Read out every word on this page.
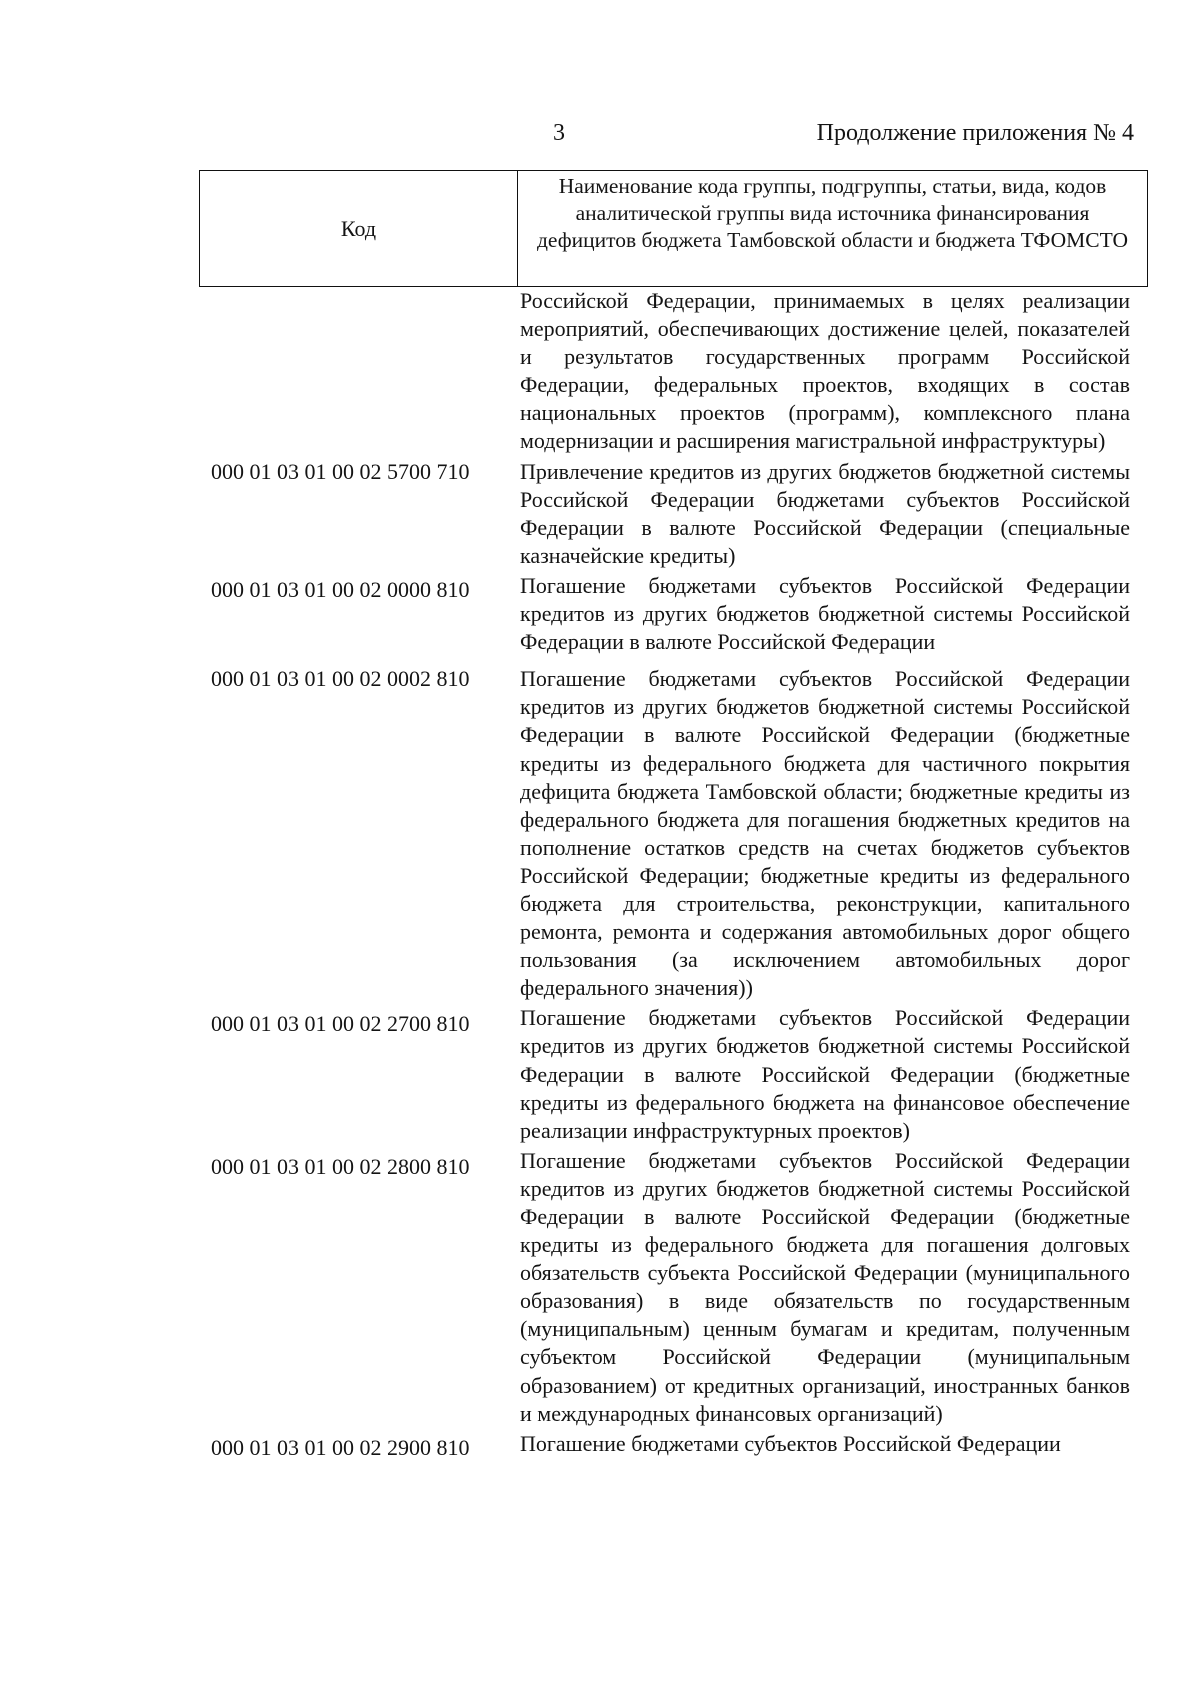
3	Продолжение приложения № 4
Код
Наименование кода группы, подгруппы, статьи, вида, кодов аналитической группы вида источника финансирования дефицитов бюджета Тамбовской области и бюджета ТФОМСТО
Российской Федерации, принимаемых в целях реализации мероприятий, обеспечивающих достижение целей, показателей и результатов государственных программ Российской Федерации, федеральных проектов, входящих в состав национальных проектов (программ), комплексного плана модернизации и расширения магистральной инфраструктуры)
000 01 03 01 00 02 5700 710	Привлечение кредитов из других бюджетов бюджетной системы Российской Федерации бюджетами субъектов Российской Федерации в валюте Российской Федерации (специальные казначейские кредиты)
000 01 03 01 00 02 0000 810	Погашение бюджетами субъектов Российской Федерации кредитов из других бюджетов бюджетной системы Российской Федерации в валюте Российской Федерации
000 01 03 01 00 02 0002 810	Погашение бюджетами субъектов Российской Федерации кредитов из других бюджетов бюджетной системы Российской Федерации в валюте Российской Федерации (бюджетные кредиты из федерального бюджета для частичного покрытия дефицита бюджета Тамбовской области; бюджетные кредиты из федерального бюджета для погашения бюджетных кредитов на пополнение остатков средств на счетах бюджетов субъектов Российской Федерации; бюджетные кредиты из федерального бюджета для строительства, реконструкции, капитального ремонта, ремонта и содержания автомобильных дорог общего пользования (за исключением автомобильных дорог федерального значения))
000 01 03 01 00 02 2700 810	Погашение бюджетами субъектов Российской Федерации кредитов из других бюджетов бюджетной системы Российской Федерации в валюте Российской Федерации (бюджетные кредиты из федерального бюджета на финансовое обеспечение реализации инфраструктурных проектов)
000 01 03 01 00 02 2800 810	Погашение бюджетами субъектов Российской Федерации кредитов из других бюджетов бюджетной системы Российской Федерации в валюте Российской Федерации (бюджетные кредиты из федерального бюджета для погашения долговых обязательств субъекта Российской Федерации (муниципального образования) в виде обязательств по государственным (муниципальным) ценным бумагам и кредитам, полученным субъектом Российской Федерации (муниципальным образованием) от кредитных организаций, иностранных банков и международных финансовых организаций)
000 01 03 01 00 02 2900 810	Погашение бюджетами субъектов Российской Федерации
